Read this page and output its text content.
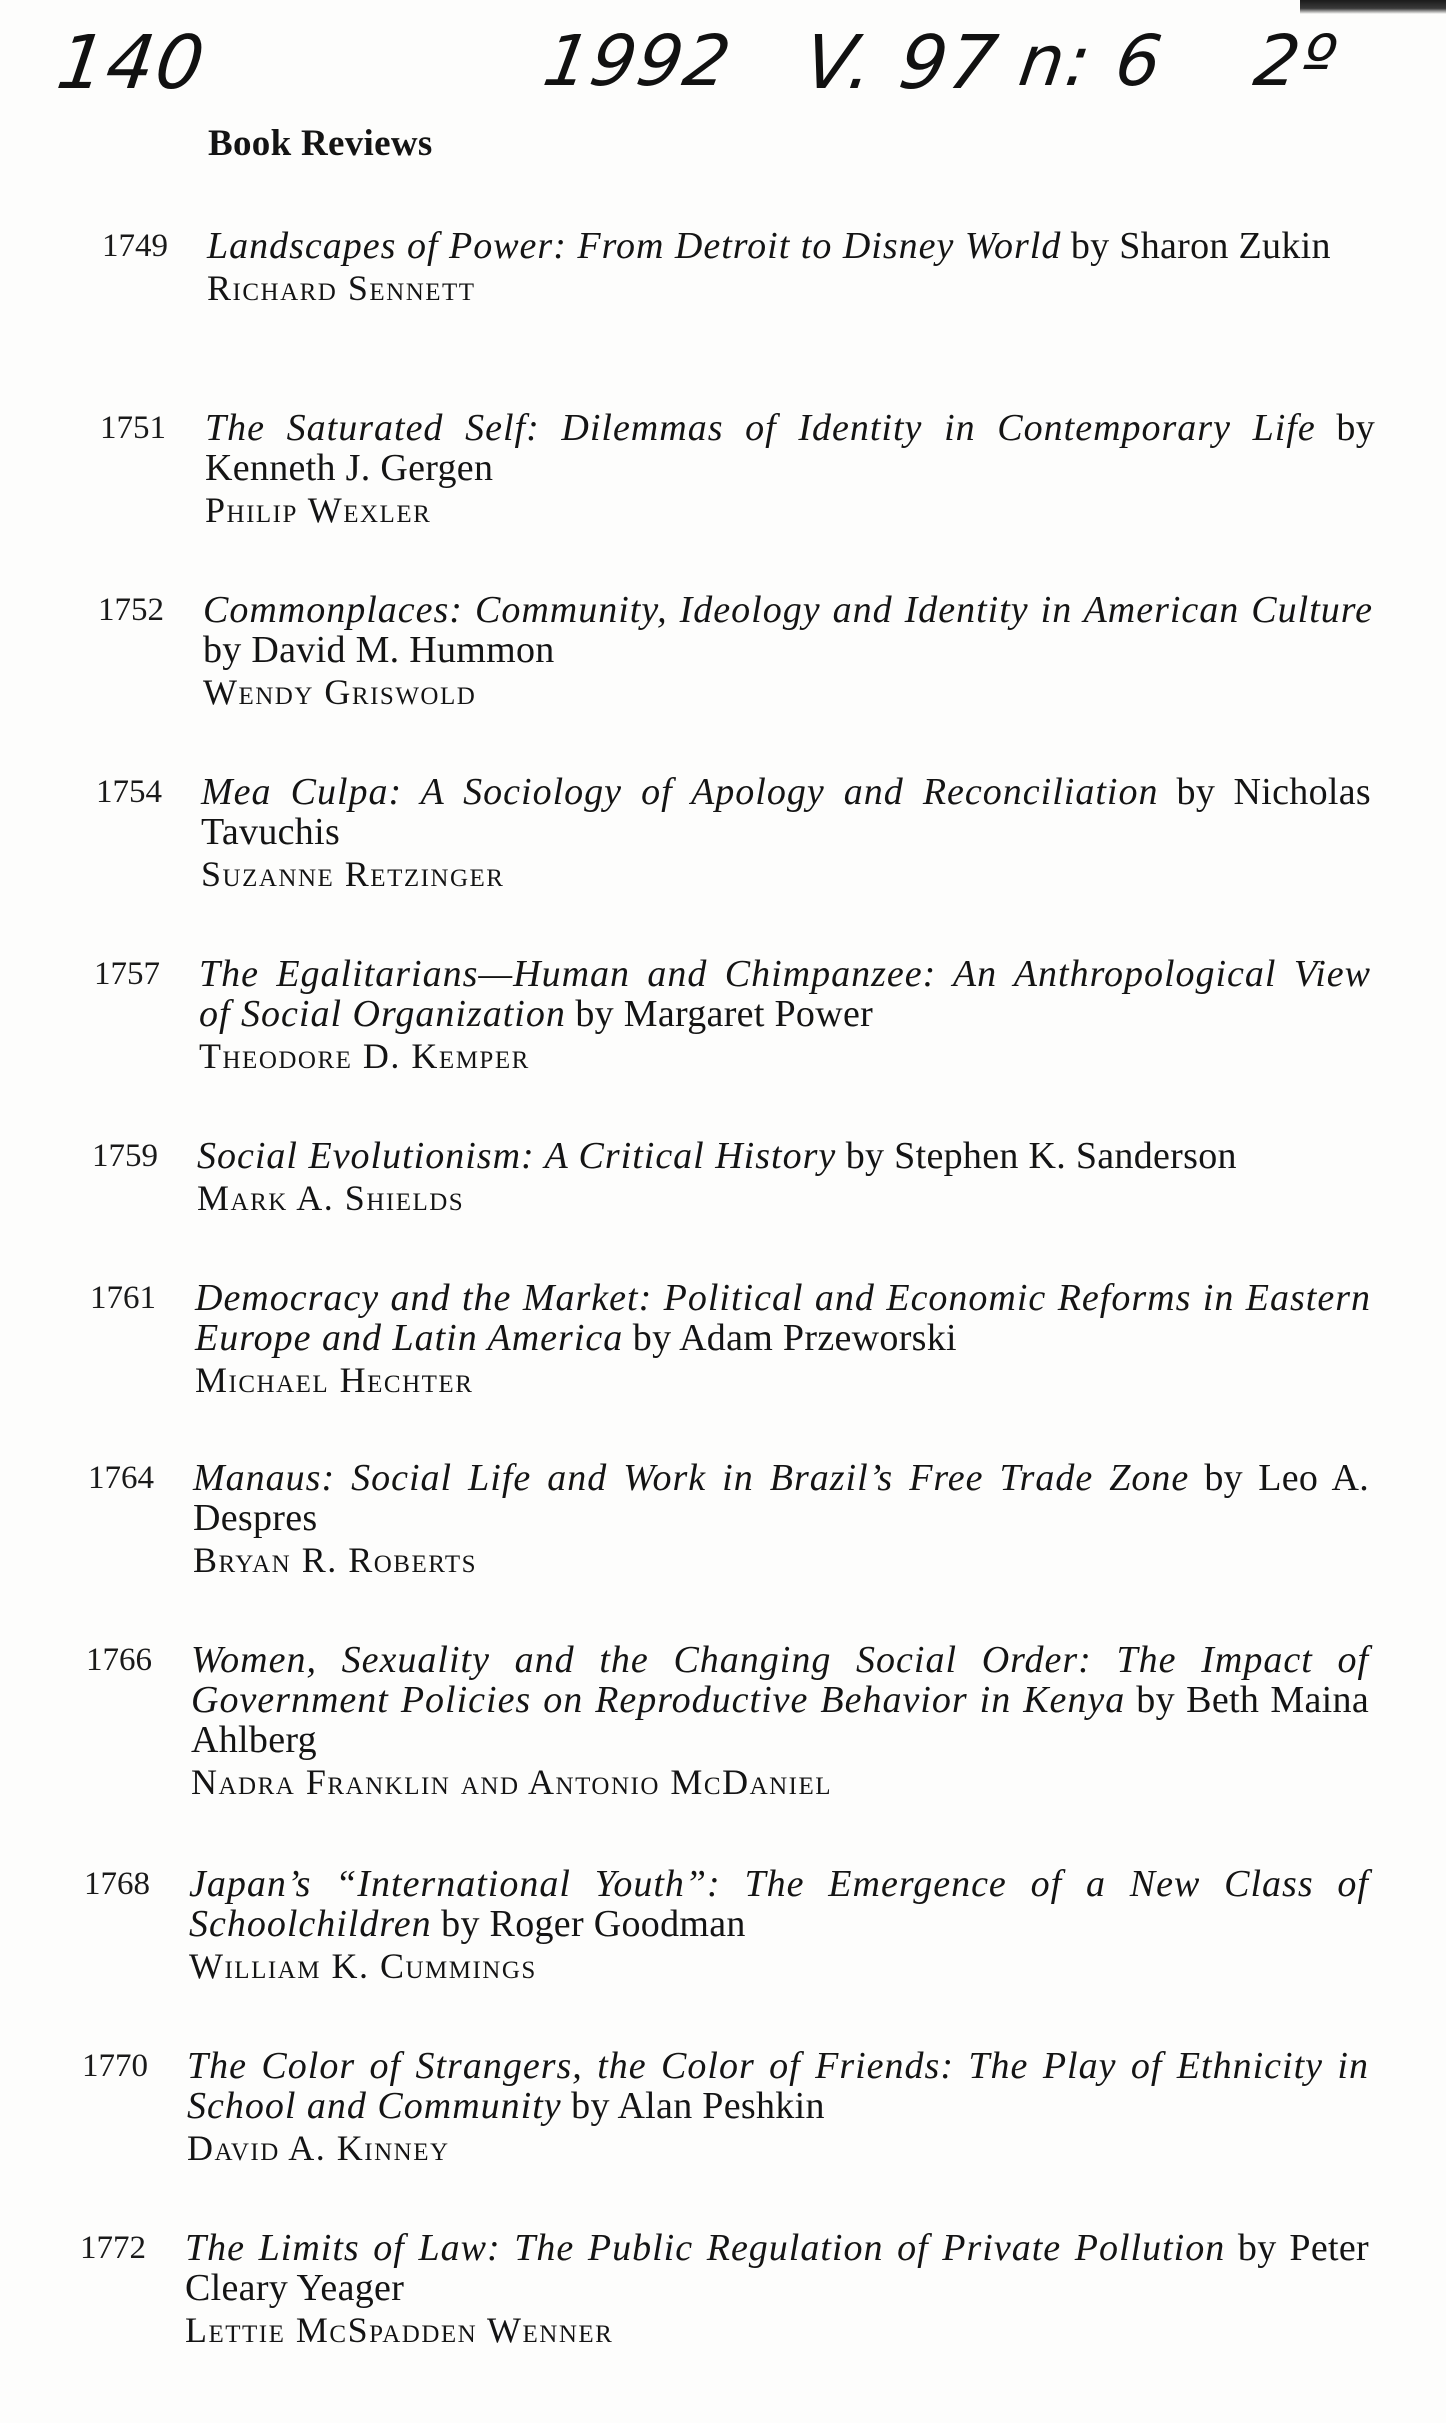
140	1992 V. 97 n: 6 2º
Book Reviews
1749 Landscapes of Power: From Detroit to Disney World by Sharon Zukin
Richard Sennett
1751 The Saturated Self: Dilemmas of Identity in Contemporary Life by Kenneth J. Gergen
Philip Wexler
1752 Commonplaces: Community, Ideology and Identity in American Culture by David M. Hummon
Wendy Griswold
1754 Mea Culpa: A Sociology of Apology and Reconciliation by Nicholas Tavuchis
Suzanne Retzinger
1757 The Egalitarians—Human and Chimpanzee: An Anthropological View of Social Organization by Margaret Power
Theodore D. Kemper
1759 Social Evolutionism: A Critical History by Stephen K. Sanderson
Mark A. Shields
1761 Democracy and the Market: Political and Economic Reforms in Eastern Europe and Latin America by Adam Przeworski
Michael Hechter
1764 Manaus: Social Life and Work in Brazil’s Free Trade Zone by Leo A. Despres
Bryan R. Roberts
1766 Women, Sexuality and the Changing Social Order: The Impact of Government Policies on Reproductive Behavior in Kenya by Beth Maina Ahlberg
Nadra Franklin and Antonio McDaniel
1768 Japan’s “International Youth”: The Emergence of a New Class of Schoolchildren by Roger Goodman
William K. Cummings
1770 The Color of Strangers, the Color of Friends: The Play of Ethnicity in School and Community by Alan Peshkin
David A. Kinney
1772 The Limits of Law: The Public Regulation of Private Pollution by Peter Cleary Yeager
Lettie McSpadden Wenner
